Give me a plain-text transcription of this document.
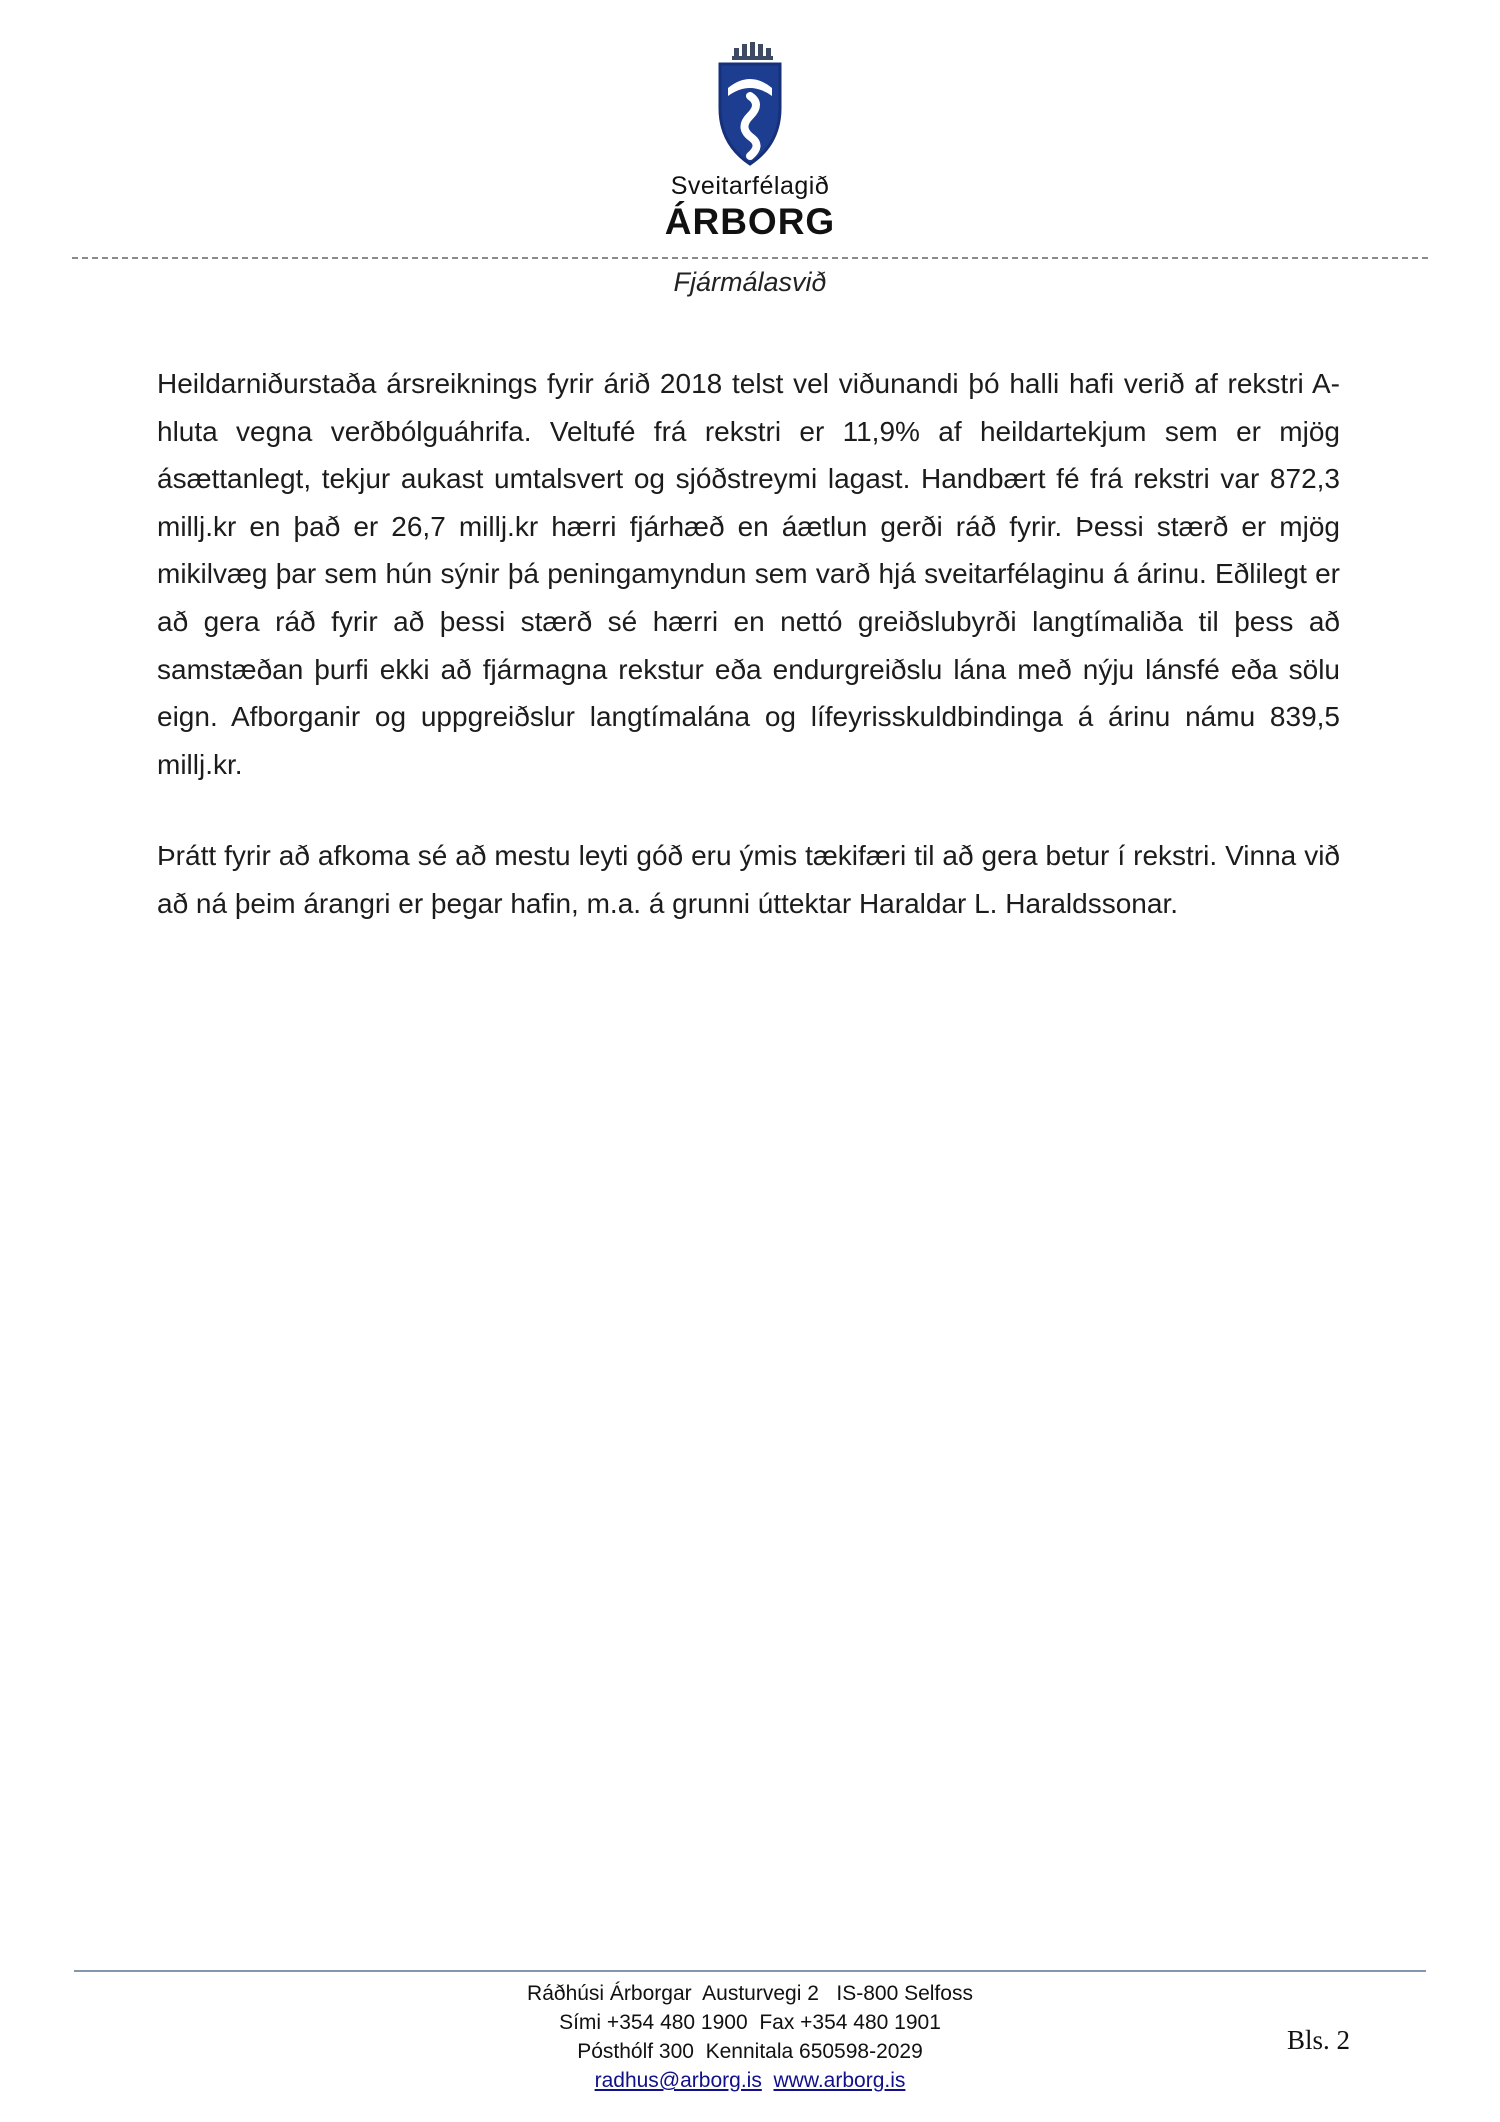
Sveitarfélagið
ÁRBORG
Fjármálasvið

Heildarniðurstaða ársreiknings fyrir árið 2018 telst vel viðunandi þó halli hafi verið af rekstri A-hluta vegna verðbólguáhrifa. Veltufé frá rekstri er 11,9% af heildartekjum sem er mjög ásættanlegt, tekjur aukast umtalsvert og sjóðstreymi lagast. Handbært fé frá rekstri var 872,3 millj.kr en það er 26,7 millj.kr hærri fjárhæð en áætlun gerði ráð fyrir. Þessi stærð er mjög mikilvæg þar sem hún sýnir þá peningamyndun sem varð hjá sveitarfélaginu á árinu. Eðlilegt er að gera ráð fyrir að þessi stærð sé hærri en nettó greiðslubyrði langtímaliða til þess að samstæðan þurfi ekki að fjármagna rekstur eða endurgreiðslu lána með nýju lánsfé eða sölu eign. Afborganir og uppgreiðslur langtímalána og lífeyrisskuldbindinga á árinu námu 839,5 millj.kr.

Þrátt fyrir að afkoma sé að mestu leyti góð eru ýmis tækifæri til að gera betur í rekstri. Vinna við að ná þeim árangri er þegar hafin, m.a. á grunni úttektar Haraldar L. Haraldssonar.

Ráðhúsi Árborgar  Austurvegi 2   IS-800 Selfoss
Sími +354 480 1900  Fax +354 480 1901
Pósthólf 300  Kennitala 650598-2029
radhus@arborg.is www.arborg.is
Bls. 2
